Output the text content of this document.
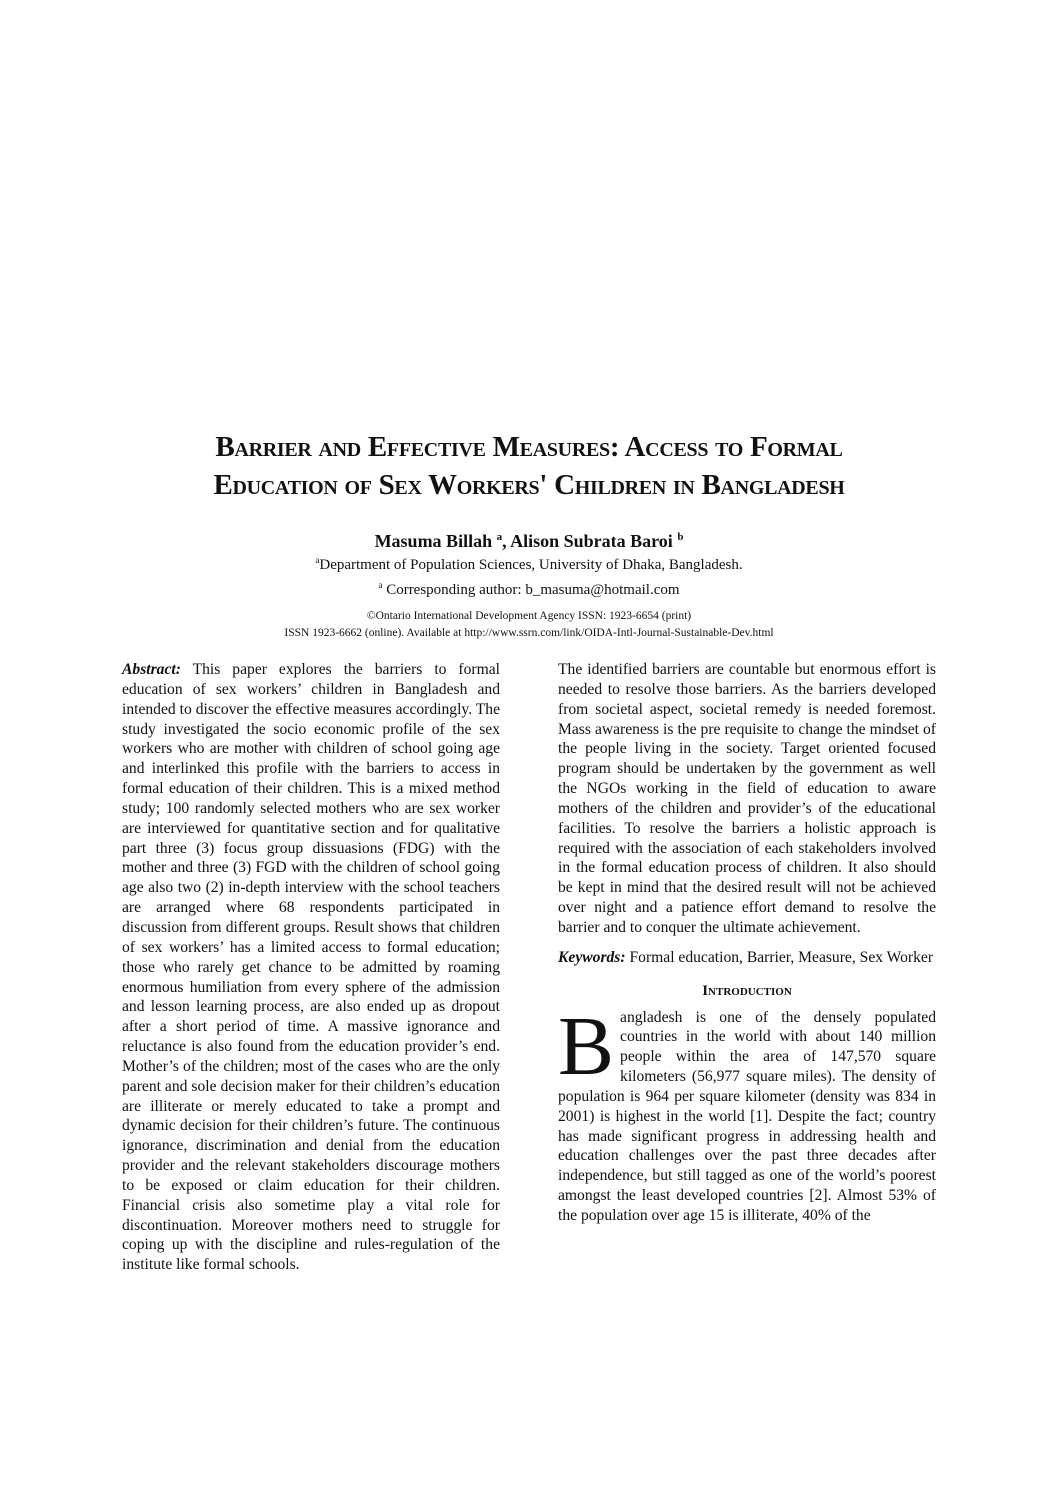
Barrier and Effective Measures: Access to Formal
Education of Sex Workers' Children in Bangladesh
Masuma Billah $^a$, Alison Subrata Baroi $^b$
$^a$Department of Population Sciences, University of Dhaka, Bangladesh.
$^a$ Corresponding author: b_masuma@hotmail.com
©Ontario International Development Agency ISSN: 1923-6654 (print)
ISSN 1923-6662 (online). Available at http://www.ssrn.com/link/OIDA-Intl-Journal-Sustainable-Dev.html

Abstract: This paper explores the barriers to formal education of sex workers’ children in Bangladesh and intended to discover the effective measures accordingly. The study investigated the socio economic profile of the sex workers who are mother with children of school going age and interlinked this profile with the barriers to access in formal education of their children. This is a mixed method study; 100 randomly selected mothers who are sex worker are interviewed for quantitative section and for qualitative part three (3) focus group dissuasions (FDG) with the mother and three (3) FGD with the children of school going age also two (2) in-depth interview with the school teachers are arranged where 68 respondents participated in discussion from different groups. Result shows that children of sex workers’ has a limited access to formal education; those who rarely get chance to be admitted by roaming enormous humiliation from every sphere of the admission and lesson learning process, are also ended up as dropout after a short period of time. A massive ignorance and reluctance is also found from the education provider’s end. Mother’s of the children; most of the cases who are the only parent and sole decision maker for their children’s education are illiterate or merely educated to take a prompt and dynamic decision for their children’s future. The continuous ignorance, discrimination and denial from the education provider and the relevant stakeholders discourage mothers to be exposed or claim education for their children. Financial crisis also sometime play a vital role for discontinuation. Moreover mothers need to struggle for coping up with the discipline and rules-regulation of the institute like formal schools.

The identified barriers are countable but enormous effort is needed to resolve those barriers. As the barriers developed from societal aspect, societal remedy is needed foremost. Mass awareness is the pre requisite to change the mindset of the people living in the society. Target oriented focused program should be undertaken by the government as well the NGOs working in the field of education to aware mothers of the children and provider’s of the educational facilities. To resolve the barriers a holistic approach is required with the association of each stakeholders involved in the formal education process of children. It also should be kept in mind that the desired result will not be achieved over night and a patience effort demand to resolve the barrier and to conquer the ultimate achievement.

Keywords: Formal education, Barrier, Measure, Sex Worker

Introduction

Bangladesh is one of the densely populated countries in the world with about 140 million people within the area of 147,570 square kilometers (56,977 square miles). The density of population is 964 per square kilometer (density was 834 in 2001) is highest in the world [1]. Despite the fact; country has made significant progress in addressing health and education challenges over the past three decades after independence, but still tagged as one of the world’s poorest amongst the least developed countries [2]. Almost 53% of the population over age 15 is illiterate, 40% of the
